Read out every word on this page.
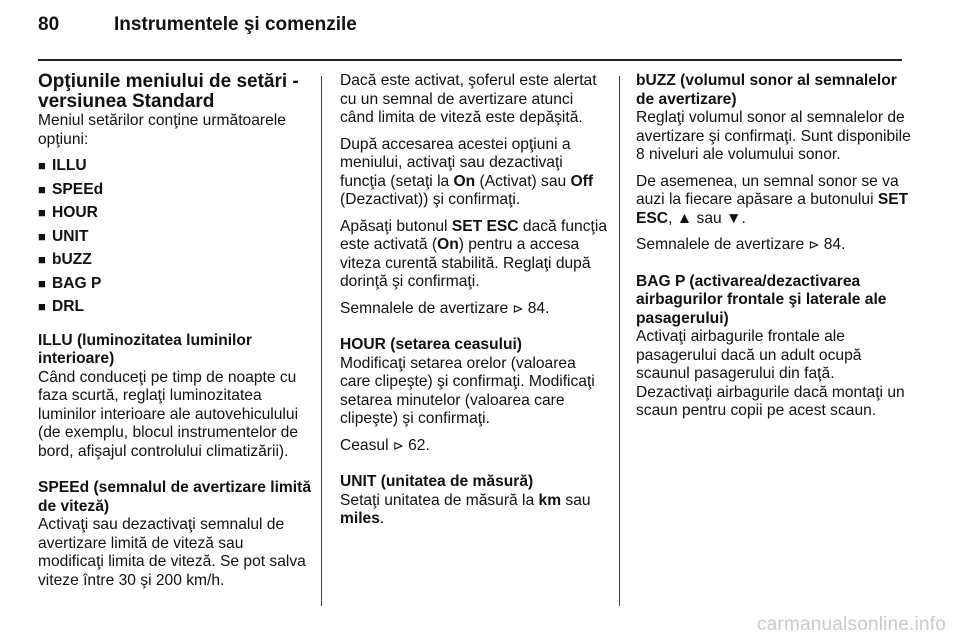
80	Instrumentele şi comenzile
Opţiunile meniului de setări - versiunea Standard

Meniul setărilor conţine următoarele opţiuni:

■ ILLU
■ SPEEd
■ HOUR
■ UNIT
■ bUZZ
■ BAG P
■ DRL
ILLU (luminozitatea luminilor interioare)

Când conduceţi pe timp de noapte cu faza scurtă, reglaţi luminozitatea luminilor interioare ale autovehiculului (de exemplu, blocul instrumentelor de bord, afişajul controlului climatizării).

SPEEd (semnalul de avertizare limită de viteză)

Activaţi sau dezactivaţi semnalul de avertizare limită de viteză sau modificaţi limita de viteză. Se pot salva viteze între 30 şi 200 km/h.

Dacă este activat, şoferul este alertat cu un semnal de avertizare atunci când limita de viteză este depăşită.

După accesarea acestei opţiuni a meniului, activaţi sau dezactivaţi funcţia (setaţi la On (Activat) sau Off (Dezactivat)) şi confirmaţi.

Apăsaţi butonul SET ESC dacă funcţia este activată (On) pentru a accesa viteza curentă stabilită. Reglaţi după dorinţă şi confirmaţi.

Semnalele de avertizare ⊳ 84.

HOUR (setarea ceasului)

Modificaţi setarea orelor (valoarea care clipeşte) şi confirmaţi. Modificaţi setarea minutelor (valoarea care clipeşte) şi confirmaţi.

Ceasul ⊳ 62.

UNIT (unitatea de măsură)

Setaţi unitatea de măsură la km sau miles.

bUZZ (volumul sonor al semnalelor de avertizare)

Reglaţi volumul sonor al semnalelor de avertizare şi confirmaţi. Sunt disponibile 8 niveluri ale volumului sonor.

De asemenea, un semnal sonor se va auzi la fiecare apăsare a butonului SET ESC, ▲ sau ▼.

Semnalele de avertizare ⊳ 84.

BAG P (activarea/dezactivarea airbagurilor frontale şi laterale ale pasagerului)

Activaţi airbagurile frontale ale pasagerului dacă un adult ocupă scaunul pasagerului din faţă. Dezactivaţi airbagurile dacă montaţi un scaun pentru copii pe acest scaun.

carmanualsonline.info
